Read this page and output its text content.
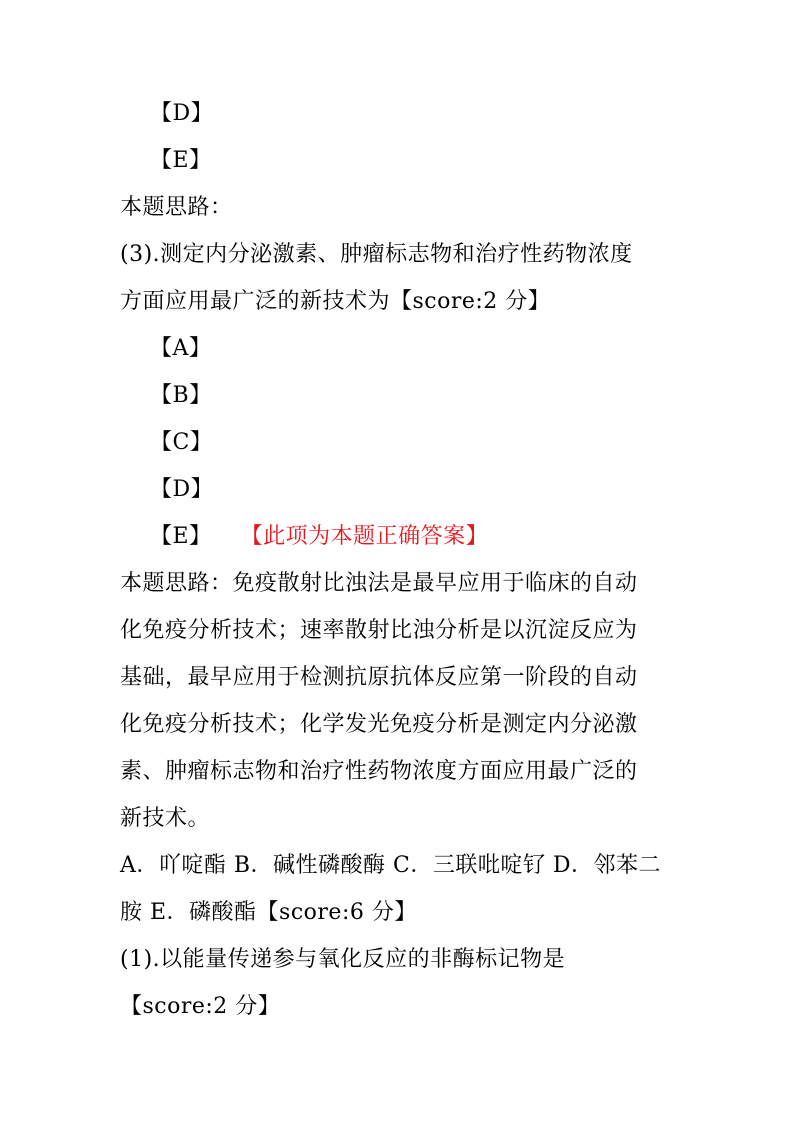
【D】
【E】
本题思路：
(3).测定内分泌激素、肿瘤标志物和治疗性药物浓度
方面应用最广泛的新技术为【score:2 分】
【A】
【B】
【C】
【D】
【E】 【此项为本题正确答案】
本题思路：免疫散射比浊法是最早应用于临床的自动
化免疫分析技术；速率散射比浊分析是以沉淀反应为
基础，最早应用于检测抗原抗体反应第一阶段的自动
化免疫分析技术；化学发光免疫分析是测定内分泌激
素、肿瘤标志物和治疗性药物浓度方面应用最广泛的
新技术。
A．吖啶酯 B．碱性磷酸酶 C．三联吡啶钌 D．邻苯二
胺 E．磷酸酯【score:6 分】
(1).以能量传递参与氧化反应的非酶标记物是
【score:2 分】
